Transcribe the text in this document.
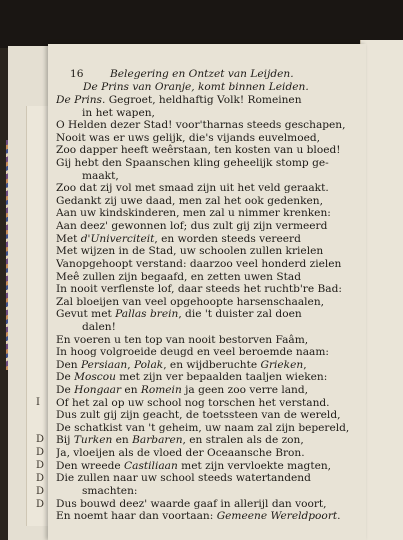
I
D
D
D
D
D
D
16	Belegering en Ontzet van Leijden.
De Prins van Oranje, komt binnen Leiden.
De Prins. Gegroet, heldhaftig Volk! Romeinen
in het wapen,
O Helden dezer Stad! voor'tharnas steeds geschapen,
Nooit was er uws gelijk, die's vijands euvelmoed,
Zoo dapper heeft weêrstaan, ten kosten van u bloed!
Gij hebt den Spaanschen kling geheelijk stomp ge-
maakt,
Zoo dat zij vol met smaad zijn uit het veld geraakt.
Gedankt zij uwe daad, men zal het ook gedenken,
Aan uw kindskinderen, men zal u nimmer krenken:
Aan deez' gewonnen lof; dus zult gij zijn vermeerd
Met d'Univerciteit, en worden steeds vereerd
Met wijzen in de Stad, uw schoolen zullen krielen
Vanopgehoopt verstand: daarzoo veel honderd zielen
Meê zullen zijn begaafd, en zetten uwen Stad
In nooit verflenste lof, daar steeds het ruchtb're Bad:
Zal bloeijen van veel opgehoopte harsenschaalen,
Gevut met Pallas brein, die 't duister zal doen
dalen!
En voeren u ten top van nooit bestorven Faâm,
In hoog volgroeide deugd en veel beroemde naam:
Den Persiaan, Polak, en wijdberuchte Grieken,
De Moscou met zijn ver bepaalden taaljen wieken:
De Hongaar en Romein ja geen zoo verre land,
Of het zal op uw school nog torschen het verstand.
Dus zult gij zijn geacht, de toetssteen van de wereld,
De schatkist van 't geheim, uw naam zal zijn bepereld,
Bij Turken en Barbaren, en stralen als de zon,
Ja, vloeijen als de vloed der Oceaansche Bron.
Den wreede Castiliaan met zijn vervloekte magten,
Die zullen naar uw school steeds watertandend
smachten:
Dus bouwd deez' waarde gaaf in allerijl dan voort,
En noemt haar dan voortaan: Gemeene Wereldpoort.
